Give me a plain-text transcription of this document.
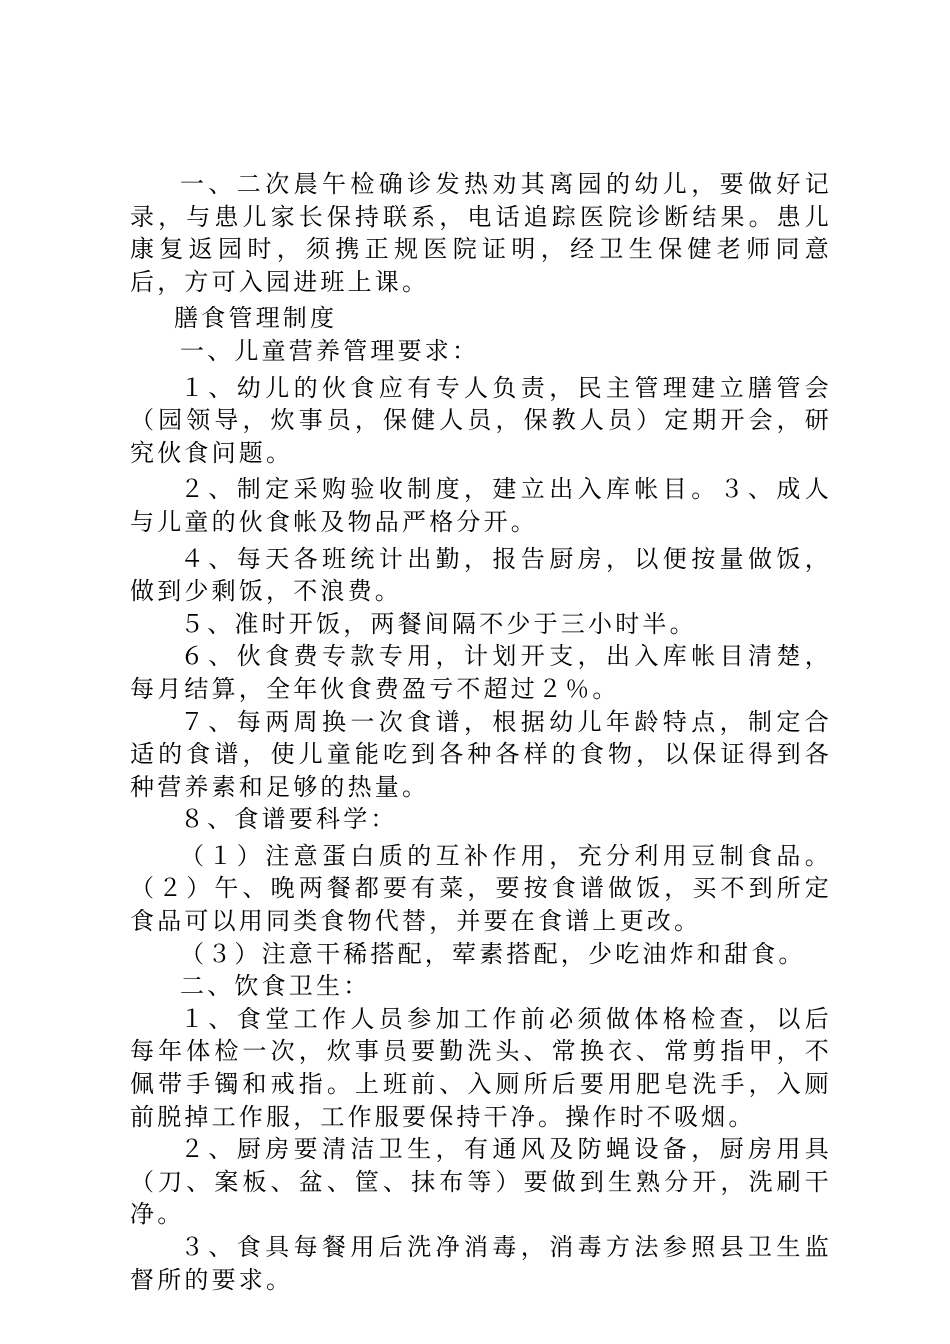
一、二次晨午检确诊发热劝其离园的幼儿，要做好记录，与患儿家长保持联系，电话追踪医院诊断结果。患儿康复返园时，须携正规医院证明，经卫生保健老师同意后，方可入园进班上课。

膳食管理制度

一、儿童营养管理要求：

１、幼儿的伙食应有专人负责，民主管理建立膳管会（园领导，炊事员，保健人员，保教人员）定期开会，研究伙食问题。

２、制定采购验收制度，建立出入库帐目。３、成人与儿童的伙食帐及物品严格分开。

４、每天各班统计出勤，报告厨房，以便按量做饭，做到少剩饭，不浪费。

５、准时开饭，两餐间隔不少于三小时半。

６、伙食费专款专用，计划开支，出入库帐目清楚，每月结算，全年伙食费盈亏不超过２％。

７、每两周换一次食谱，根据幼儿年龄特点，制定合适的食谱，使儿童能吃到各种各样的食物，以保证得到各种营养素和足够的热量。

８、食谱要科学：

（１）注意蛋白质的互补作用，充分利用豆制食品。（２）午、晚两餐都要有菜，要按食谱做饭，买不到所定食品可以用同类食物代替，并要在食谱上更改。

（３）注意干稀搭配，荤素搭配，少吃油炸和甜食。

二、饮食卫生：

１、食堂工作人员参加工作前必须做体格检查，以后每年体检一次，炊事员要勤洗头、常换衣、常剪指甲，不佩带手镯和戒指。上班前、入厕所后要用肥皂洗手，入厕前脱掉工作服，工作服要保持干净。操作时不吸烟。

２、厨房要清洁卫生，有通风及防蝇设备，厨房用具（刀、案板、盆、筐、抹布等）要做到生熟分开，洗刷干净。

３、食具每餐用后洗净消毒，消毒方法参照县卫生监督所的要求。
